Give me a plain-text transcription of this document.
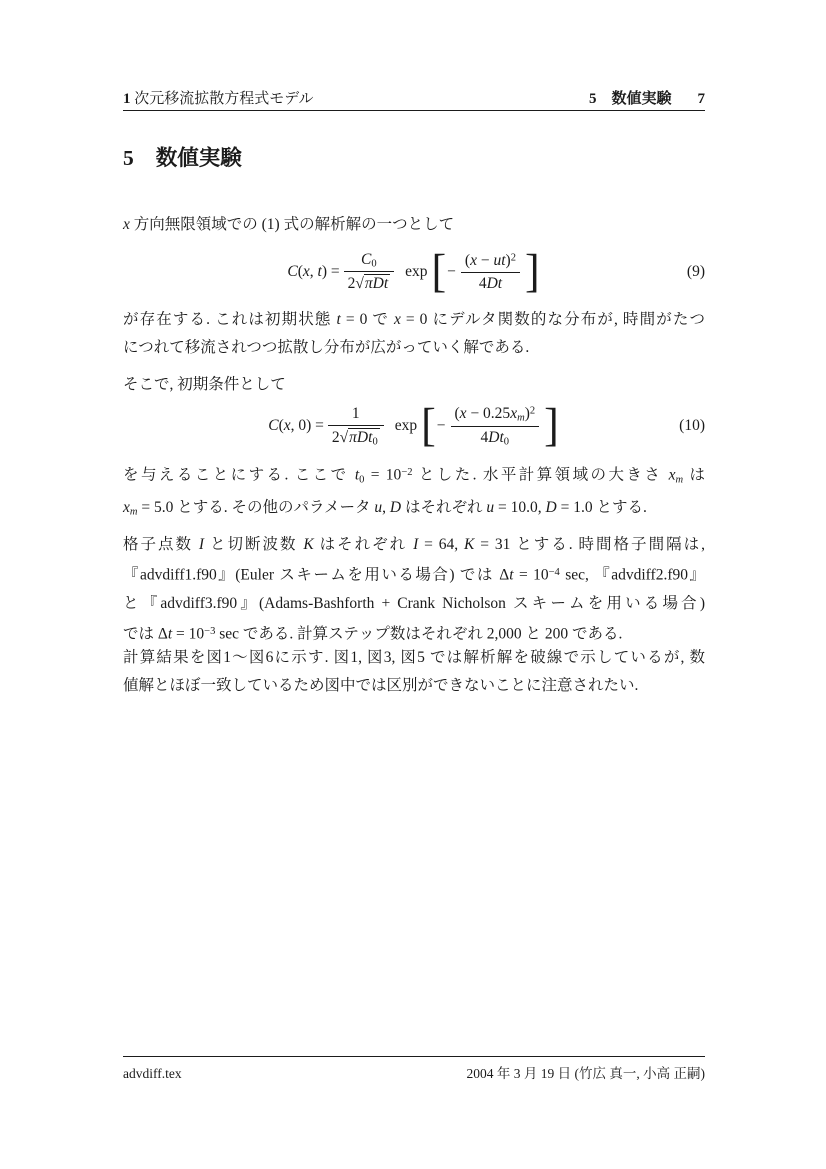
1 次元移流拡散方程式モデル	5　数値実験 7
5 数値実験
x 方向無限領域での (1) 式の解析解の一つとして
C(x, $t) = \frac{C_0}{\text{2√πDt}}$ exp [ − $\frac{(x - ut)^2}{4Dt}$ ]	(9)
が存在する. これは初期状態 t = 0 で x = 0 にデルタ関数的な分布が, 時間がたつ
につれて移流されつつ拡散し分布が広がっていく解である.
そこで, 初期条件として
C(x, $0) = \frac{1}{2√\pi Dt_0}$ exp [ − $\frac{(x - 0.25x_m)^2}{4Dt_0}$ ]	(10)
を与えることにする. ここで $t_0 = 10^{-2}$ とした. 水平計算領域の大きさ $x_m$ は
$x_m = 5.0$ とする. その他のパラメータ u, D はそれぞれ u = 10.0, D = 1.0 とする.
格子点数 I と切断波数 K はそれぞれ I = 64, K = 31 とする. 時間格子間隔は,
『advdiff1.f90』(Euler スキームを用いる場合) では $\Delta t = 10^{-4}$ sec, 『advdiff2.f90』
と『advdiff3.f90』(Adams-Bashforth + Crank Nicholson スキームを用いる場合)
では $\Delta t = 10^{-3}$ sec である. 計算ステップ数はそれぞれ 2,000 と 200 である.
計算結果を図1〜図6に示す. 図1, 図3, 図5 では解析解を破線で示しているが, 数
値解とほぼ一致しているため図中では区別ができないことに注意されたい.
advdiff.tex	2004 年 3 月 19 日 (竹広 真一, 小高 正嗣)
